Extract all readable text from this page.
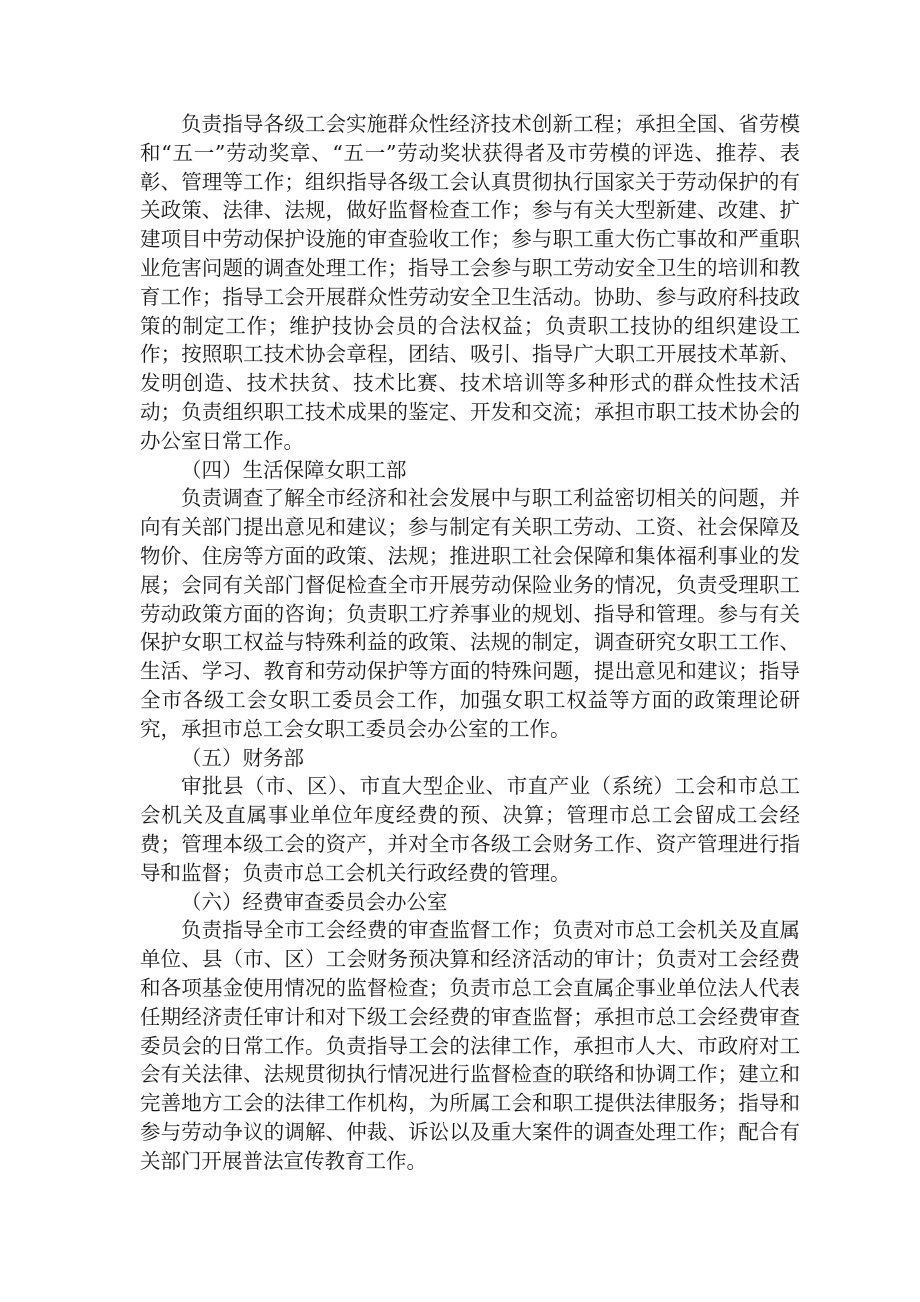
负责指导各级工会实施群众性经济技术创新工程；承担全国、省劳模和“五一”劳动奖章、“五一”劳动奖状获得者及市劳模的评选、推荐、表彰、管理等工作；组织指导各级工会认真贯彻执行国家关于劳动保护的有关政策、法律、法规，做好监督检查工作；参与有关大型新建、改建、扩建项目中劳动保护设施的审查验收工作；参与职工重大伤亡事故和严重职业危害问题的调查处理工作；指导工会参与职工劳动安全卫生的培训和教育工作；指导工会开展群众性劳动安全卫生活动。协助、参与政府科技政策的制定工作；维护技协会员的合法权益；负责职工技协的组织建设工作；按照职工技术协会章程，团结、吸引、指导广大职工开展技术革新、发明创造、技术扶贫、技术比赛、技术培训等多种形式的群众性技术活动；负责组织职工技术成果的鉴定、开发和交流；承担市职工技术协会的办公室日常工作。

（四）生活保障女职工部

负责调查了解全市经济和社会发展中与职工利益密切相关的问题，并向有关部门提出意见和建议；参与制定有关职工劳动、工资、社会保障及物价、住房等方面的政策、法规；推进职工社会保障和集体福利事业的发展；会同有关部门督促检查全市开展劳动保险业务的情况，负责受理职工劳动政策方面的咨询；负责职工疗养事业的规划、指导和管理。参与有关保护女职工权益与特殊利益的政策、法规的制定，调查研究女职工工作、生活、学习、教育和劳动保护等方面的特殊问题，提出意见和建议；指导全市各级工会女职工委员会工作，加强女职工权益等方面的政策理论研究，承担市总工会女职工委员会办公室的工作。

（五）财务部

审批县（市、区）、市直大型企业、市直产业（系统）工会和市总工会机关及直属事业单位年度经费的预、决算；管理市总工会留成工会经费；管理本级工会的资产，并对全市各级工会财务工作、资产管理进行指导和监督；负责市总工会机关行政经费的管理。

（六）经费审查委员会办公室

负责指导全市工会经费的审查监督工作；负责对市总工会机关及直属单位、县（市、区）工会财务预决算和经济活动的审计；负责对工会经费和各项基金使用情况的监督检查；负责市总工会直属企事业单位法人代表任期经济责任审计和对下级工会经费的审查监督；承担市总工会经费审查委员会的日常工作。负责指导工会的法律工作，承担市人大、市政府对工会有关法律、法规贯彻执行情况进行监督检查的联络和协调工作；建立和完善地方工会的法律工作机构，为所属工会和职工提供法律服务；指导和参与劳动争议的调解、仲裁、诉讼以及重大案件的调查处理工作；配合有关部门开展普法宣传教育工作。
